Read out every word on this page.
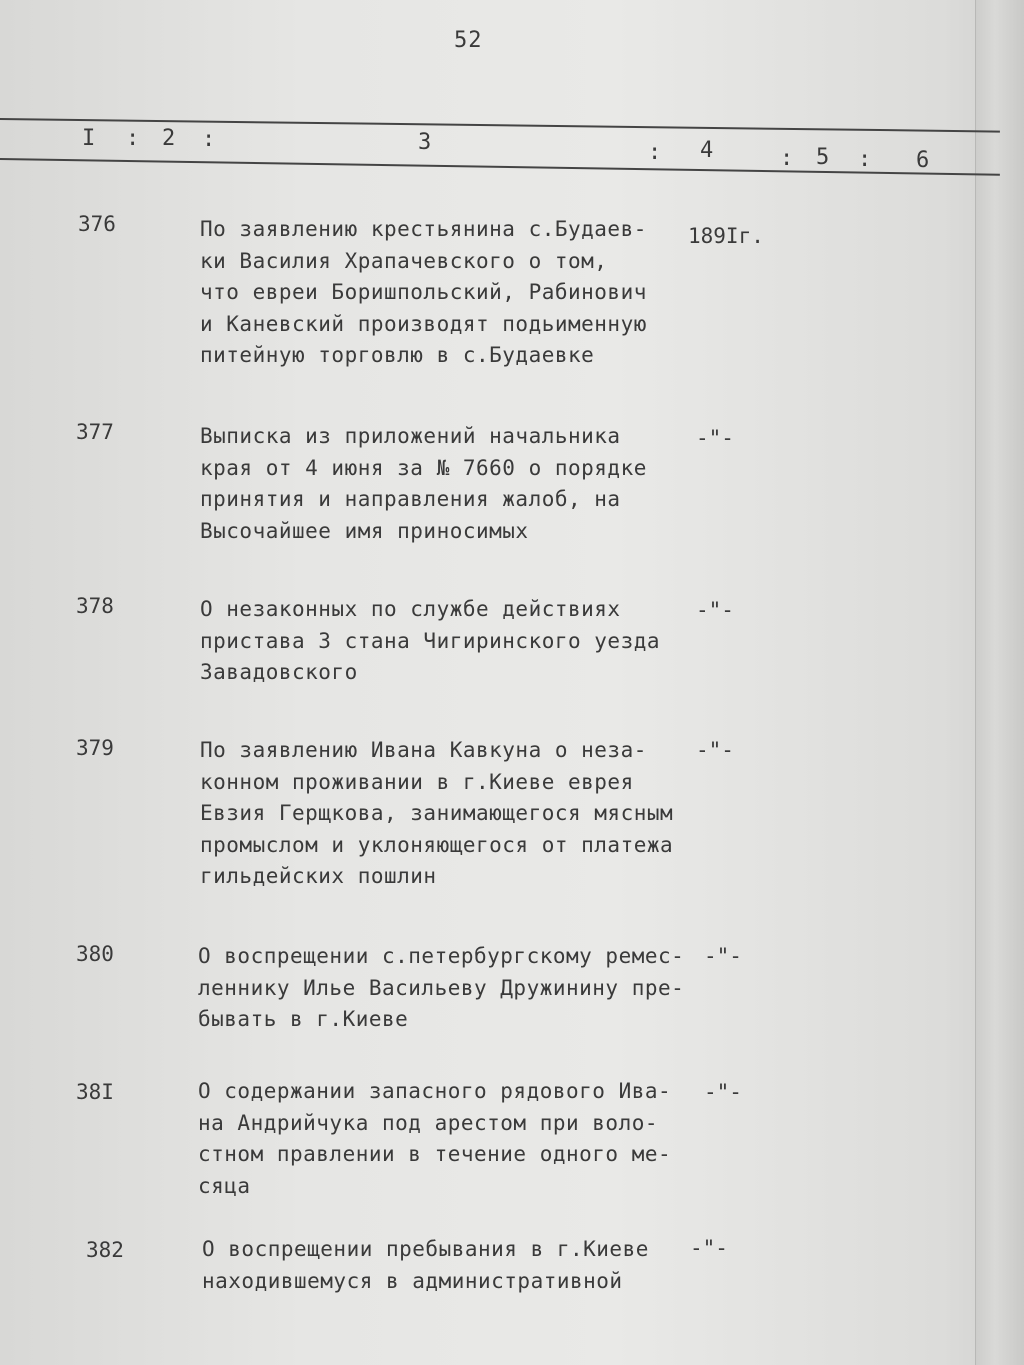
52
I : 2 :	3	: 4	: 5 : 6
376	По заявлению крестьянина с.Будаев-
ки Василия Храпачевского о том,
что евреи Боришпольский, Рабинович
и Каневский производят подьименную
питейную торговлю в с.Будаевке
189Iг.
377	Выписка из приложений начальника
края от 4 июня за № 7660 о порядке
принятия и направления жалоб, на
Высочайшее имя приносимых
-"-
378	О незаконных по службе действиях
пристава 3 стана Чигиринского уезда
Завадовского
-"-
379	По заявлению Ивана Кавкуна о неза-
конном проживании в г.Киеве еврея
Евзия Герщкова, занимающегося мясным
промыслом и уклоняющегося от платежа
гильдейских пошлин
-"-
380	О воспрещении с.петербургскому ремес-
леннику Илье Васильеву Дружинину пре-
бывать в г.Киеве
-"-
38I	О содержании запасного рядового Ива-
на Андрийчука под арестом при воло-
стном правлении в течение одного ме-
сяца
-"-
382	О воспрещении пребывания в г.Киеве
находившемуся в административной
-"-
